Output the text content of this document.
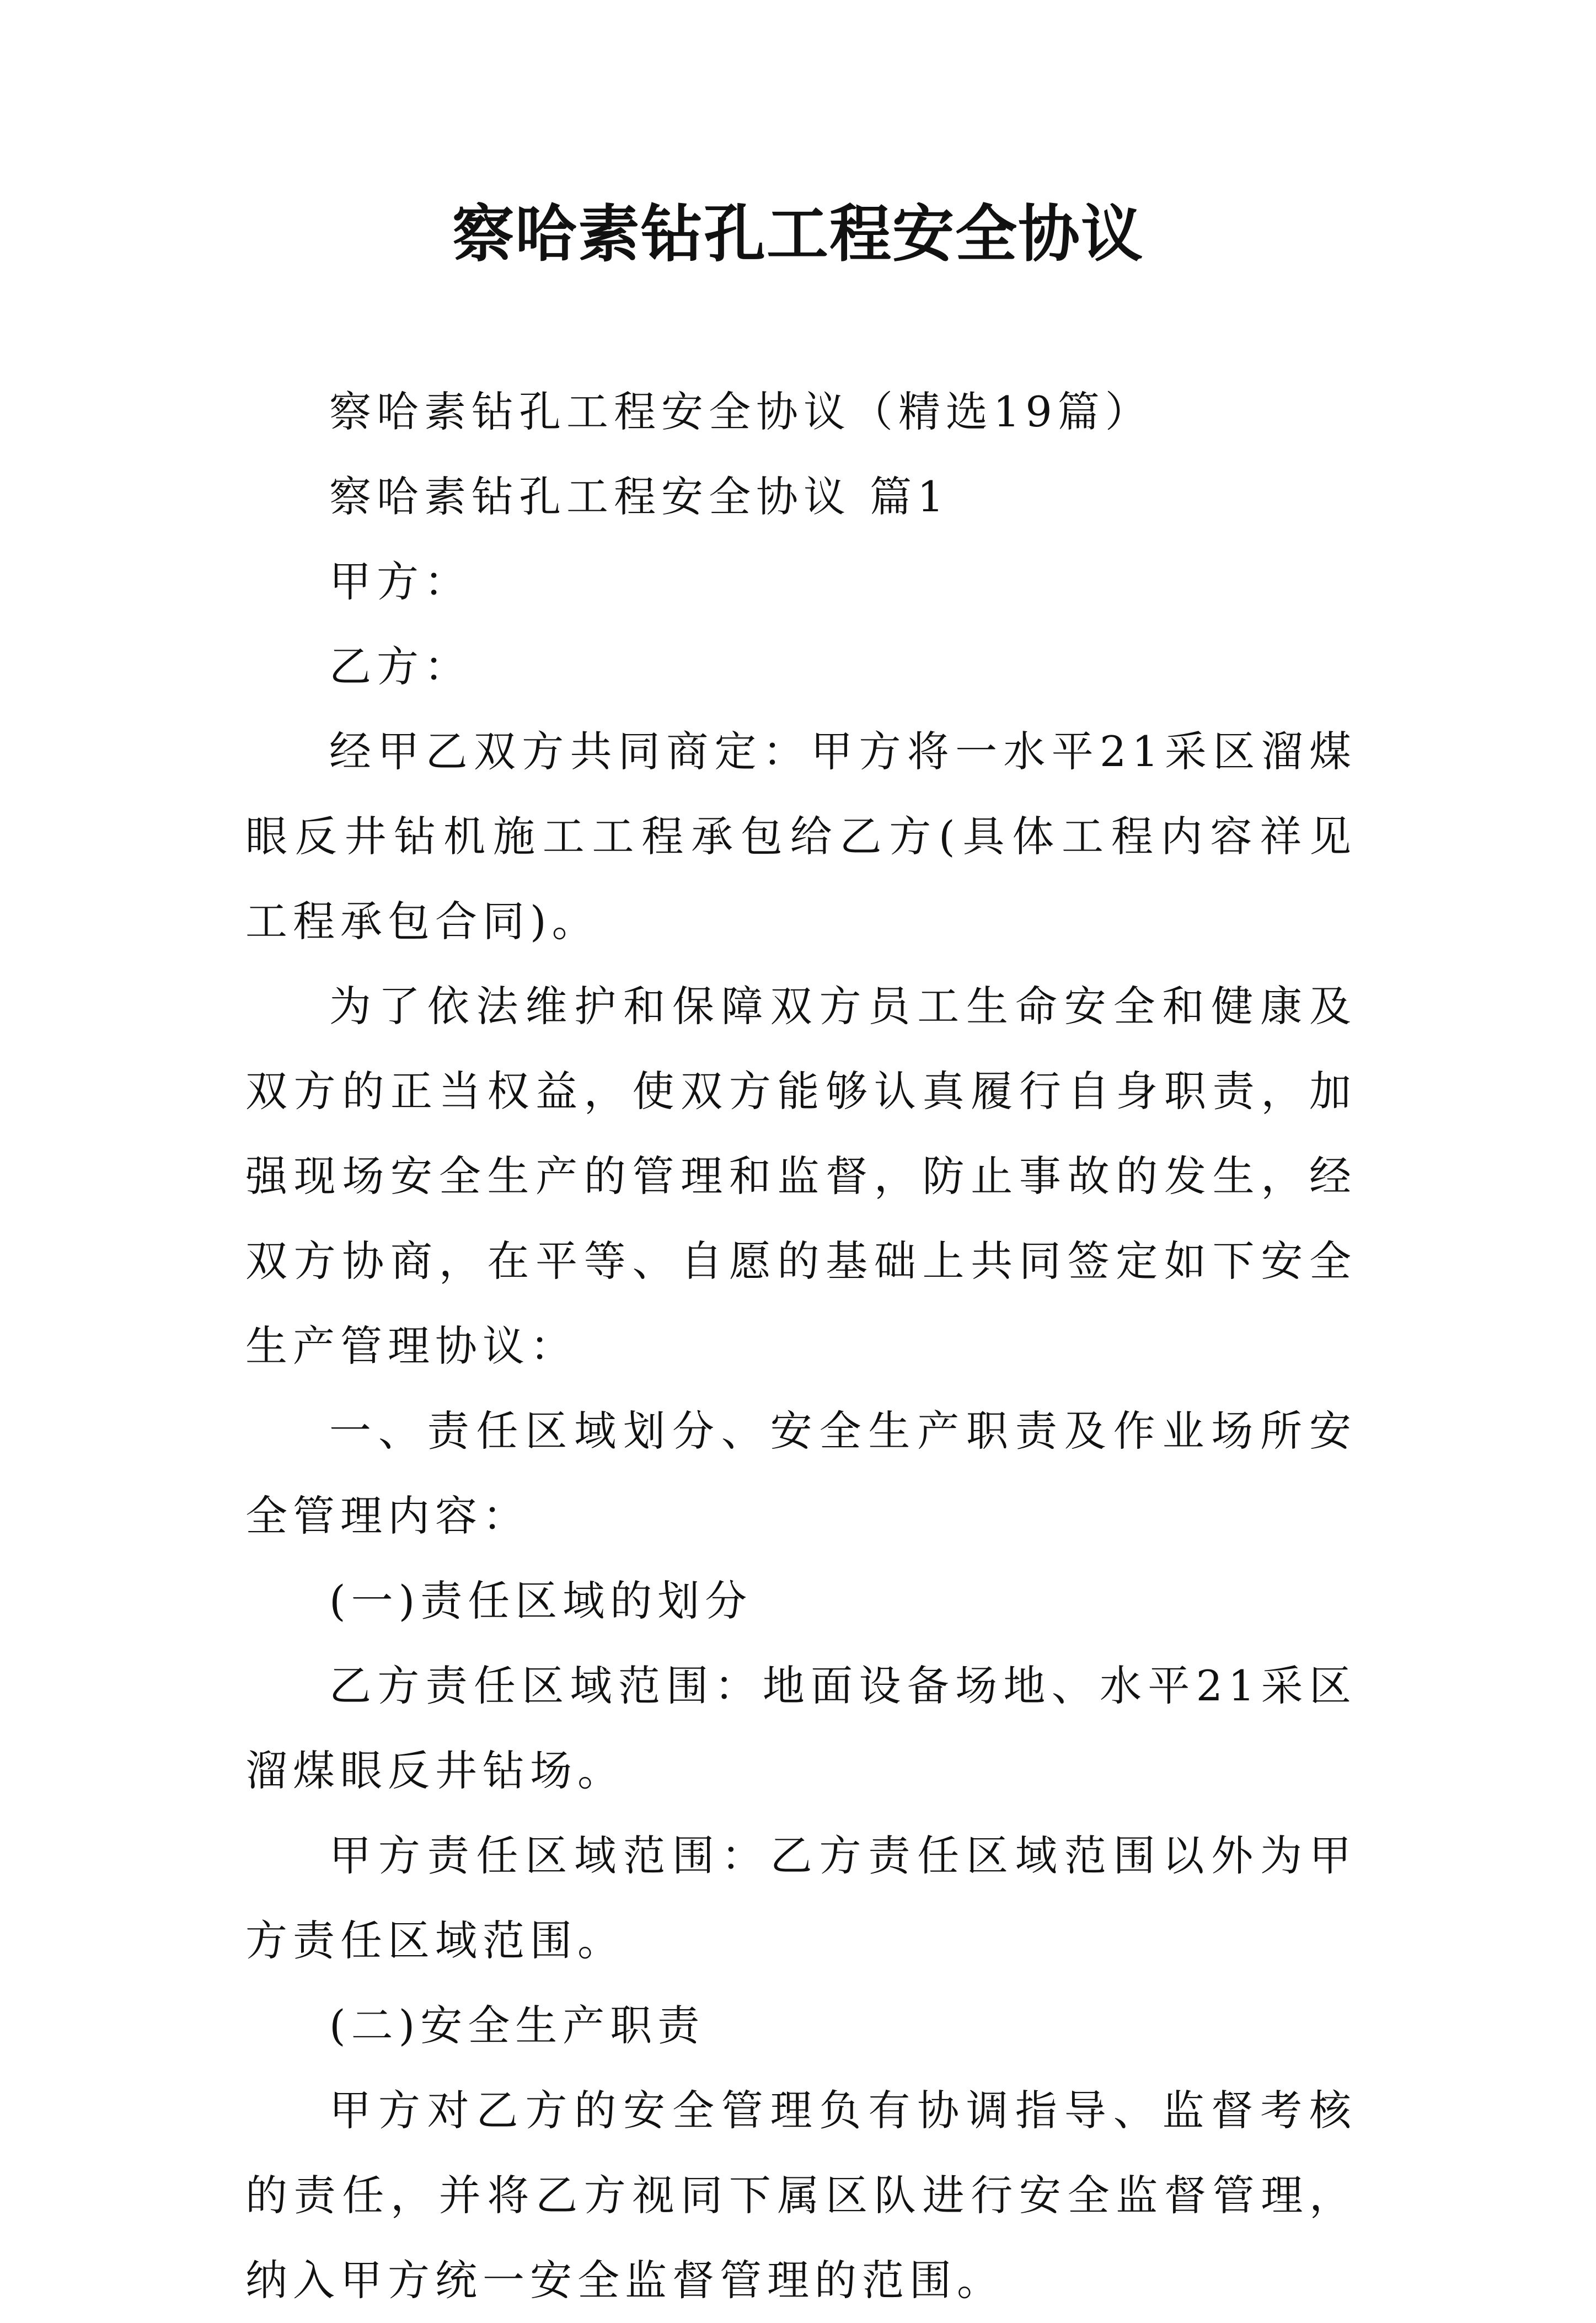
察哈素钻孔工程安全协议

察哈素钻孔工程安全协议（精选19篇）

察哈素钻孔工程安全协议 篇1

甲方：

乙方：

经甲乙双方共同商定：甲方将一水平21采区溜煤眼反井钻机施工工程承包给乙方(具体工程内容祥见工程承包合同)。

为了依法维护和保障双方员工生命安全和健康及双方的正当权益，使双方能够认真履行自身职责，加强现场安全生产的管理和监督，防止事故的发生，经双方协商，在平等、自愿的基础上共同签定如下安全生产管理协议：

一、责任区域划分、安全生产职责及作业场所安全管理内容：

(一)责任区域的划分

乙方责任区域范围：地面设备场地、水平21采区溜煤眼反井钻场。

甲方责任区域范围：乙方责任区域范围以外为甲方责任区域范围。

(二)安全生产职责

甲方对乙方的安全管理负有协调指导、监督考核的责任，并将乙方视同下属区队进行安全监督管理，纳入甲方统一安全监督管理的范围。
